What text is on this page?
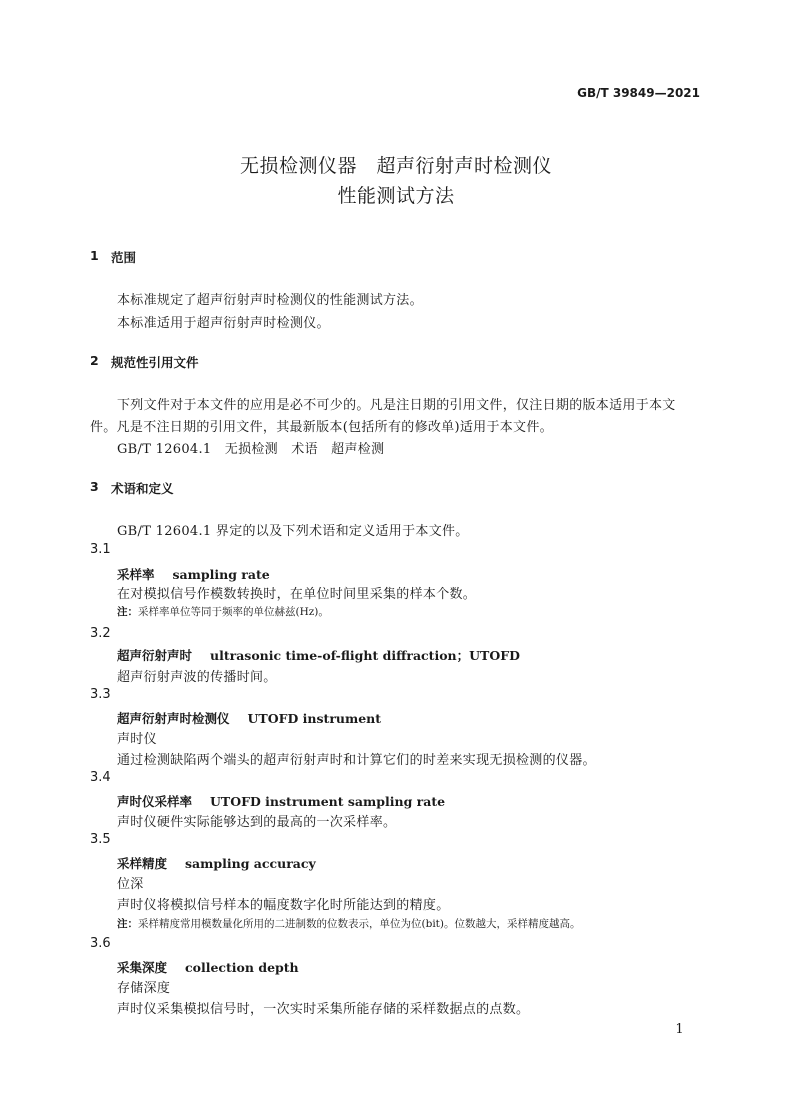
GB/T 39849—2021
无损检测仪器　超声衍射声时检测仪
性能测试方法
1 范围
本标准规定了超声衍射声时检测仪的性能测试方法。
本标准适用于超声衍射声时检测仪。
2 规范性引用文件
下列文件对于本文件的应用是必不可少的。凡是注日期的引用文件，仅注日期的版本适用于本文
件。凡是不注日期的引用文件，其最新版本(包括所有的修改单)适用于本文件。
GB/T 12604.1　无损检测　术语　超声检测
3 术语和定义
GB/T 12604.1 界定的以及下列术语和定义适用于本文件。
3.1
采样率 sampling rate
在对模拟信号作模数转换时，在单位时间里采集的样本个数。
注：采样率单位等同于频率的单位赫兹(Hz)。
3.2
超声衍射声时 ultrasonic time-of-flight diffraction；UTOFD
超声衍射声波的传播时间。
3.3
超声衍射声时检测仪 UTOFD instrument
声时仪
通过检测缺陷两个端头的超声衍射声时和计算它们的时差来实现无损检测的仪器。
3.4
声时仪采样率 UTOFD instrument sampling rate
声时仪硬件实际能够达到的最高的一次采样率。
3.5
采样精度 sampling accuracy
位深
声时仪将模拟信号样本的幅度数字化时所能达到的精度。
注：采样精度常用模数量化所用的二进制数的位数表示，单位为位(bit)。位数越大，采样精度越高。
3.6
采集深度 collection depth
存储深度
声时仪采集模拟信号时，一次实时采集所能存储的采样数据点的点数。
1
